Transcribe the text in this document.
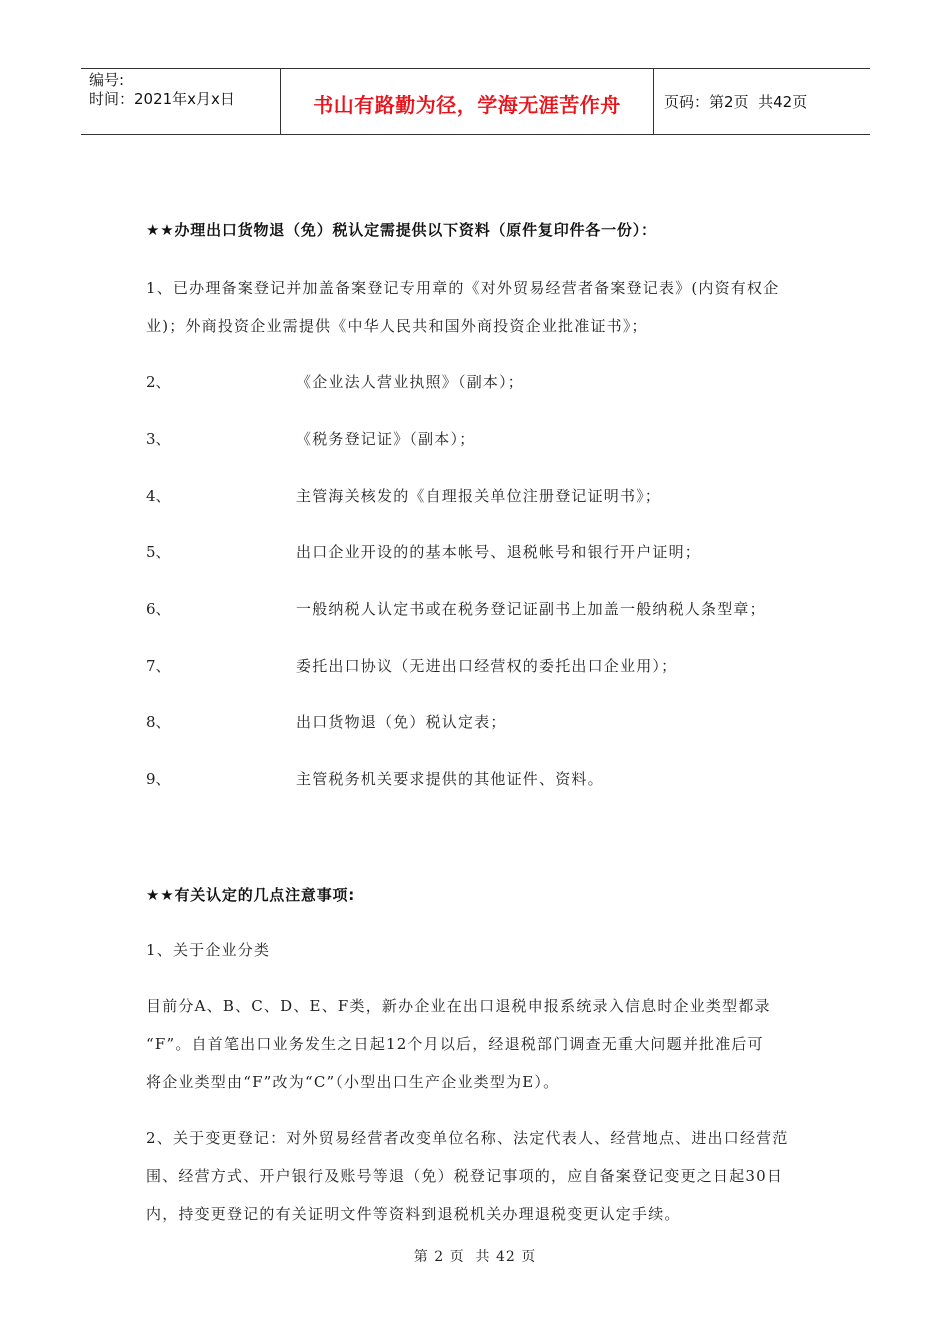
编号:
时间：2021年x月x日	书山有路勤为径，学海无涯苦作舟	页码：第 2 页  共 42 页
★★办理出口货物退（免）税认定需提供以下资料（原件复印件各一份）：
1、已办理备案登记并加盖备案登记专用章的《对外贸易经营者备案登记表》(内资有权企
业)；外商投资企业需提供《中华人民共和国外商投资企业批准证书》；
2、	《企业法人营业执照》（副本）；
3、	《税务登记证》（副本）；
4、	主管海关核发的《自理报关单位注册登记证明书》；
5、	出口企业开设的的基本帐号、退税帐号和银行开户证明；
6、	一般纳税人认定书或在税务登记证副书上加盖一般纳税人条型章；
7、	委托出口协议（无进出口经营权的委托出口企业用）；
8、	出口货物退（免）税认定表；
9、	主管税务机关要求提供的其他证件、资料。
★★有关认定的几点注意事项:
1、关于企业分类
目前分A、B、C、D、E、F类，新办企业在出口退税申报系统录入信息时企业类型都录
“F”。自首笔出口业务发生之日起12个月以后，经退税部门调查无重大问题并批准后可
将企业类型由“F”改为“C”（小型出口生产企业类型为E）。
2、关于变更登记：对外贸易经营者改变单位名称、法定代表人、经营地点、进出口经营范
围、经营方式、开户银行及账号等退（免）税登记事项的，应自备案登记变更之日起30日
内，持变更登记的有关证明文件等资料到退税机关办理退税变更认定手续。
第 2 页  共 42 页
